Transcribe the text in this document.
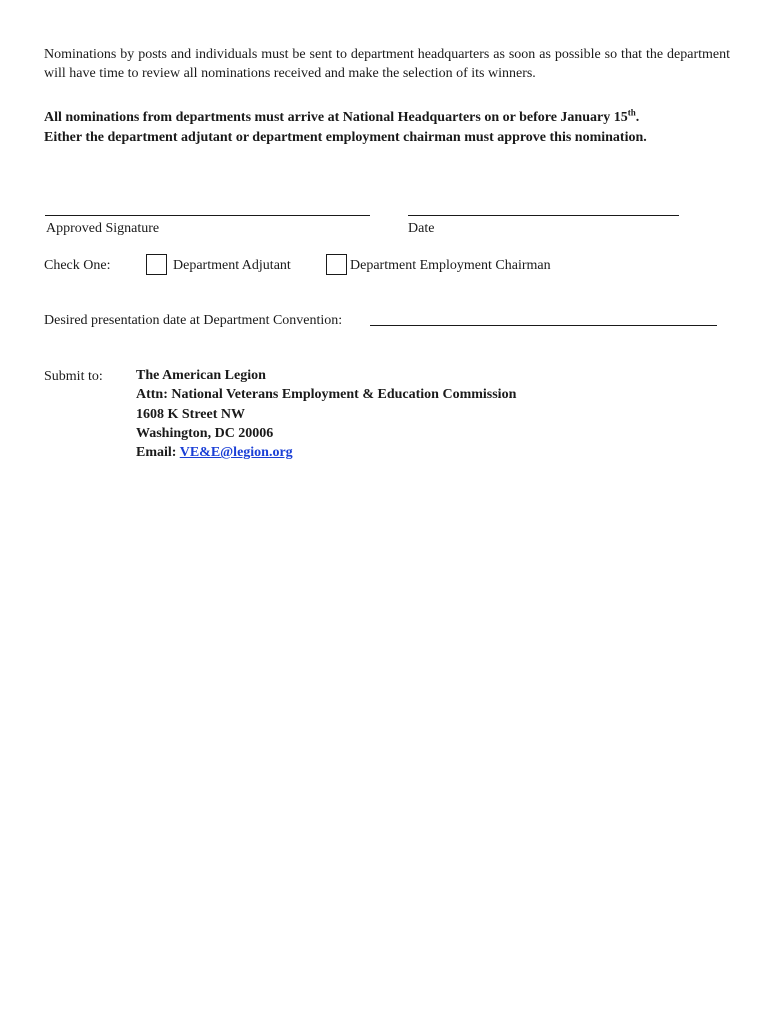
Nominations by posts and individuals must be sent to department headquarters as soon as possible so that the department will have time to review all nominations received and make the selection of its winners.
All nominations from departments must arrive at National Headquarters on or before January 15th.
Either the department adjutant or department employment chairman must approve this nomination.
Approved Signature	Date
Check One:	Department Adjutant	Department Employment Chairman
Desired presentation date at Department Convention:
Submit to: The American Legion
Attn: National Veterans Employment & Education Commission
1608 K Street NW
Washington, DC 20006
Email: VE&E@legion.org
